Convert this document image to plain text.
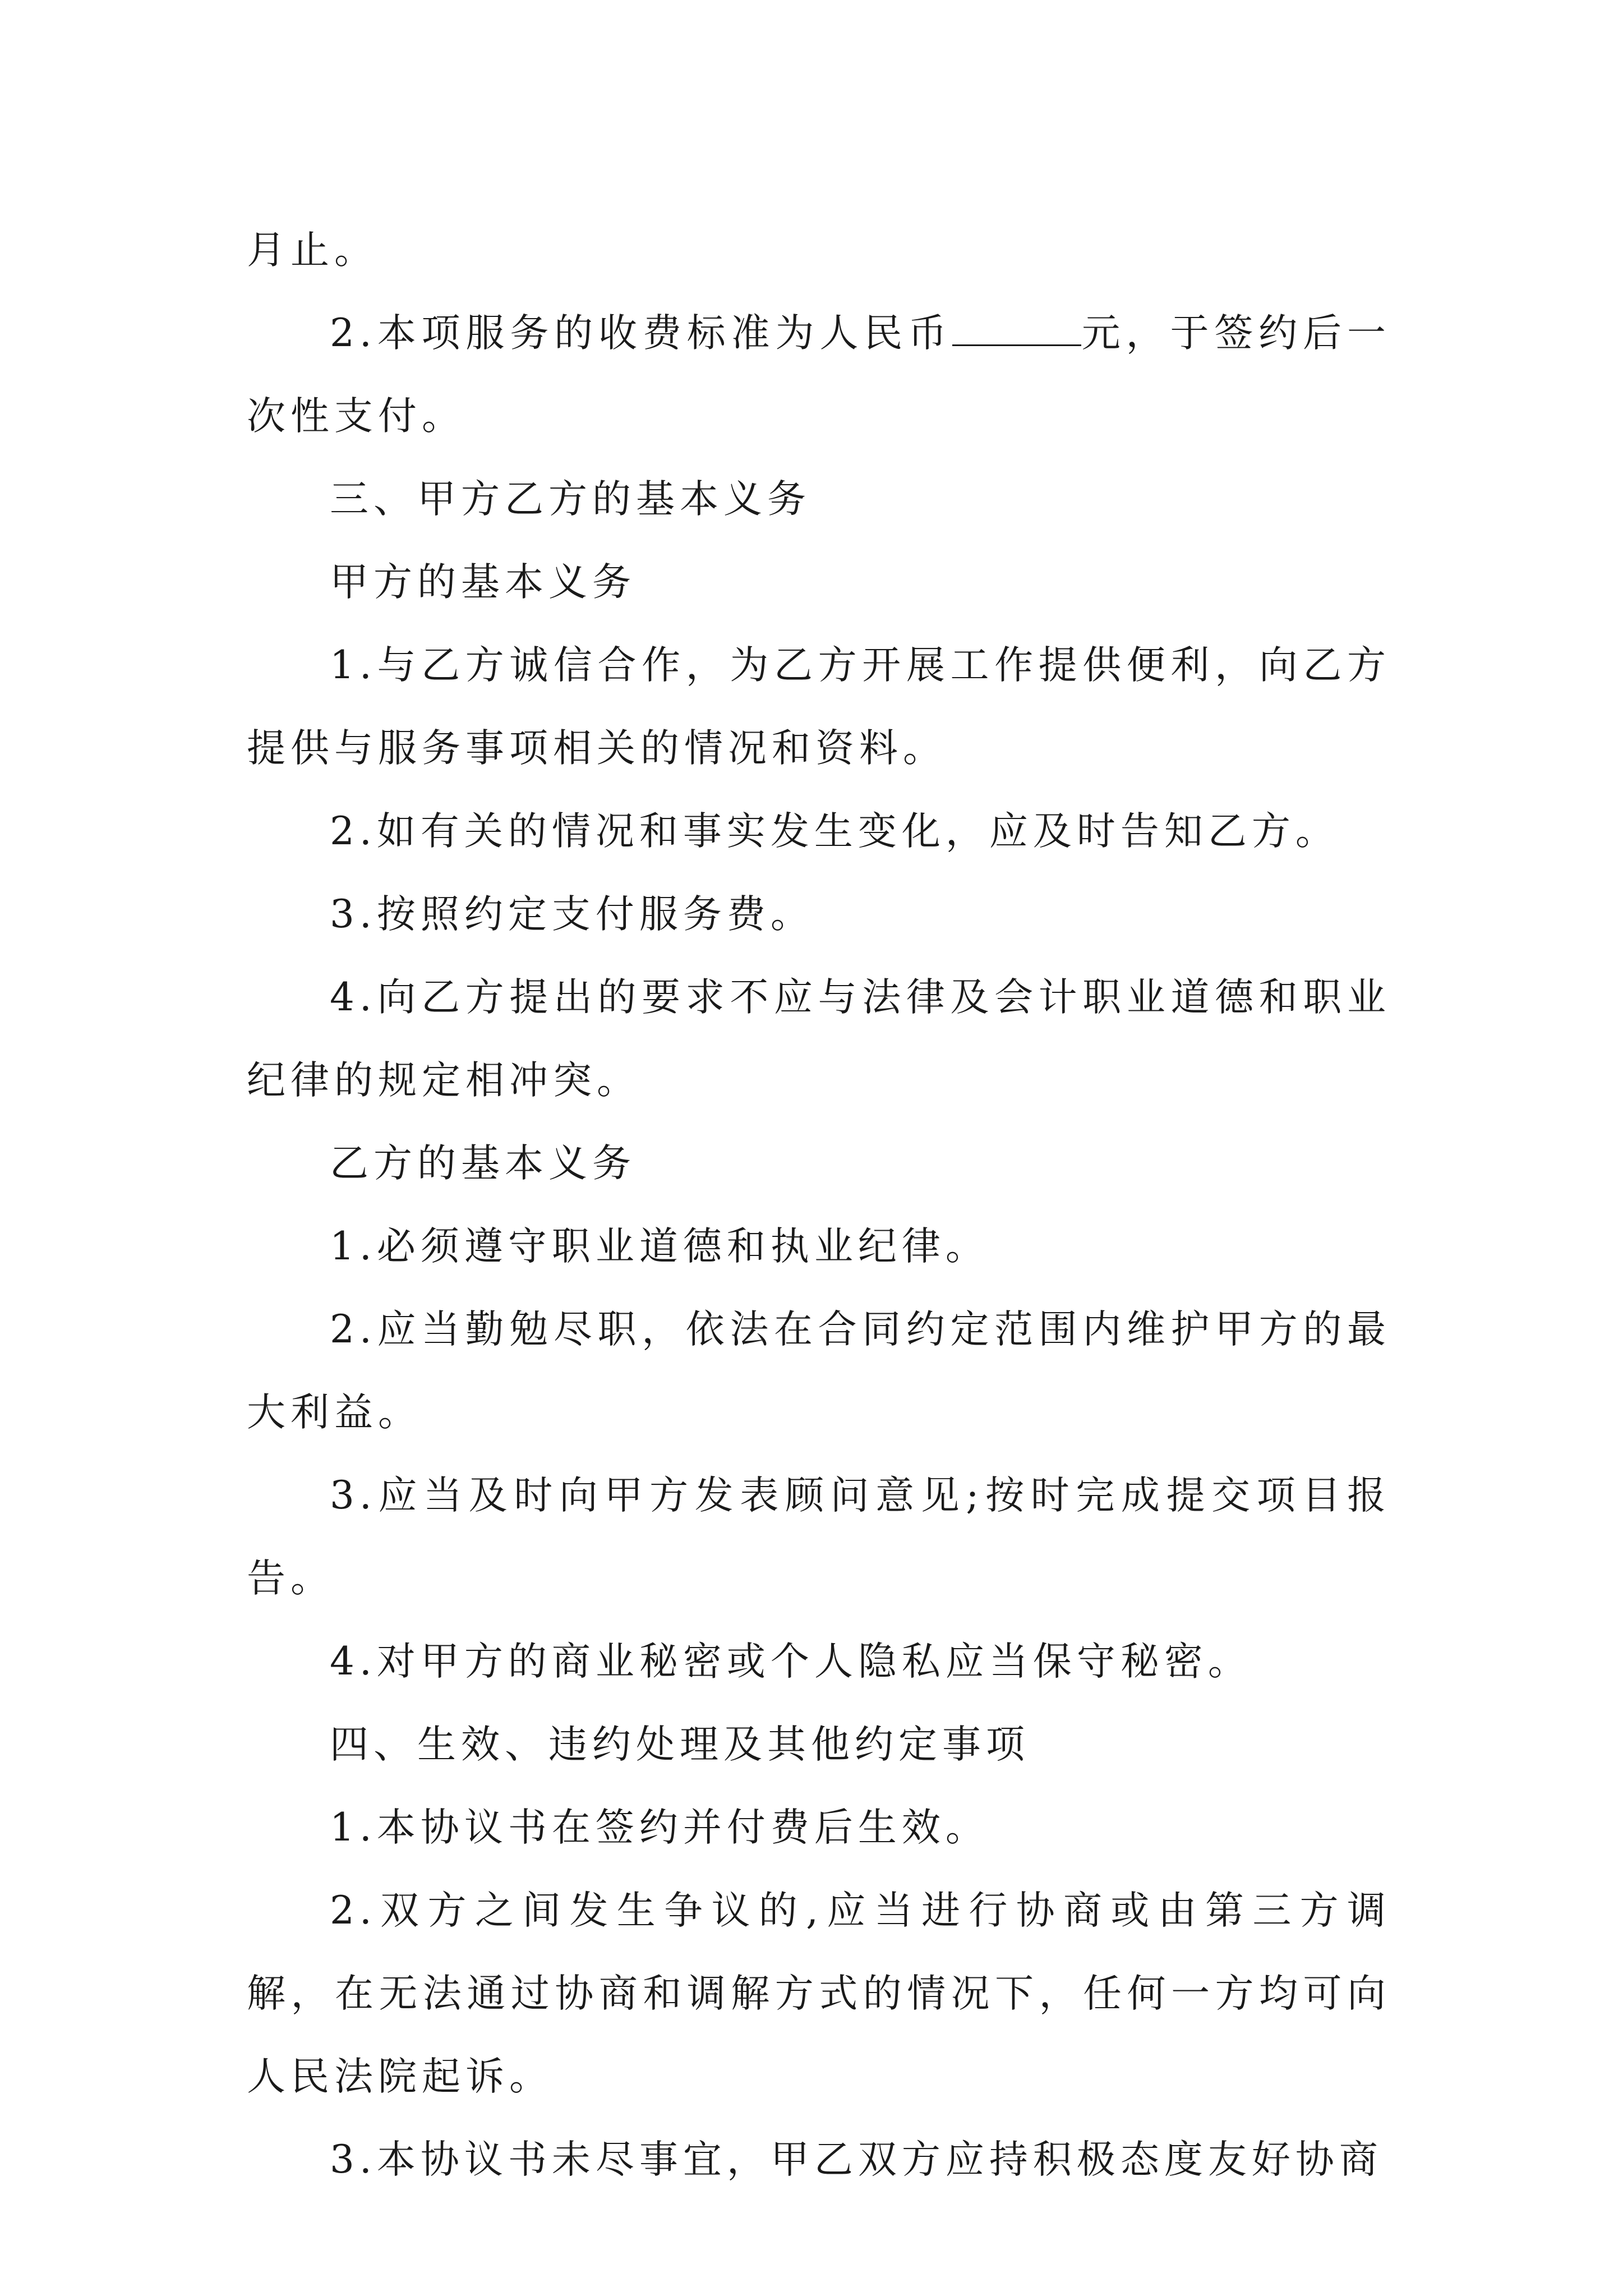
月止。

2.本项服务的收费标准为人民币	元，于签约后一次性支付。

三、甲方乙方的基本义务

甲方的基本义务

1.与乙方诚信合作，为乙方开展工作提供便利，向乙方提供与服务事项相关的情况和资料。

2.如有关的情况和事实发生变化，应及时告知乙方。

3.按照约定支付服务费。

4.向乙方提出的要求不应与法律及会计职业道德和职业纪律的规定相冲突。

乙方的基本义务

1.必须遵守职业道德和执业纪律。

2.应当勤勉尽职，依法在合同约定范围内维护甲方的最大利益。

3.应当及时向甲方发表顾问意见;按时完成提交项目报告。

4.对甲方的商业秘密或个人隐私应当保守秘密。

四、生效、违约处理及其他约定事项

1.本协议书在签约并付费后生效。

2.双方之间发生争议的,应当进行协商或由第三方调解，在无法通过协商和调解方式的情况下，任何一方均可向人民法院起诉。

3.本协议书未尽事宜，甲乙双方应持积极态度友好协商
